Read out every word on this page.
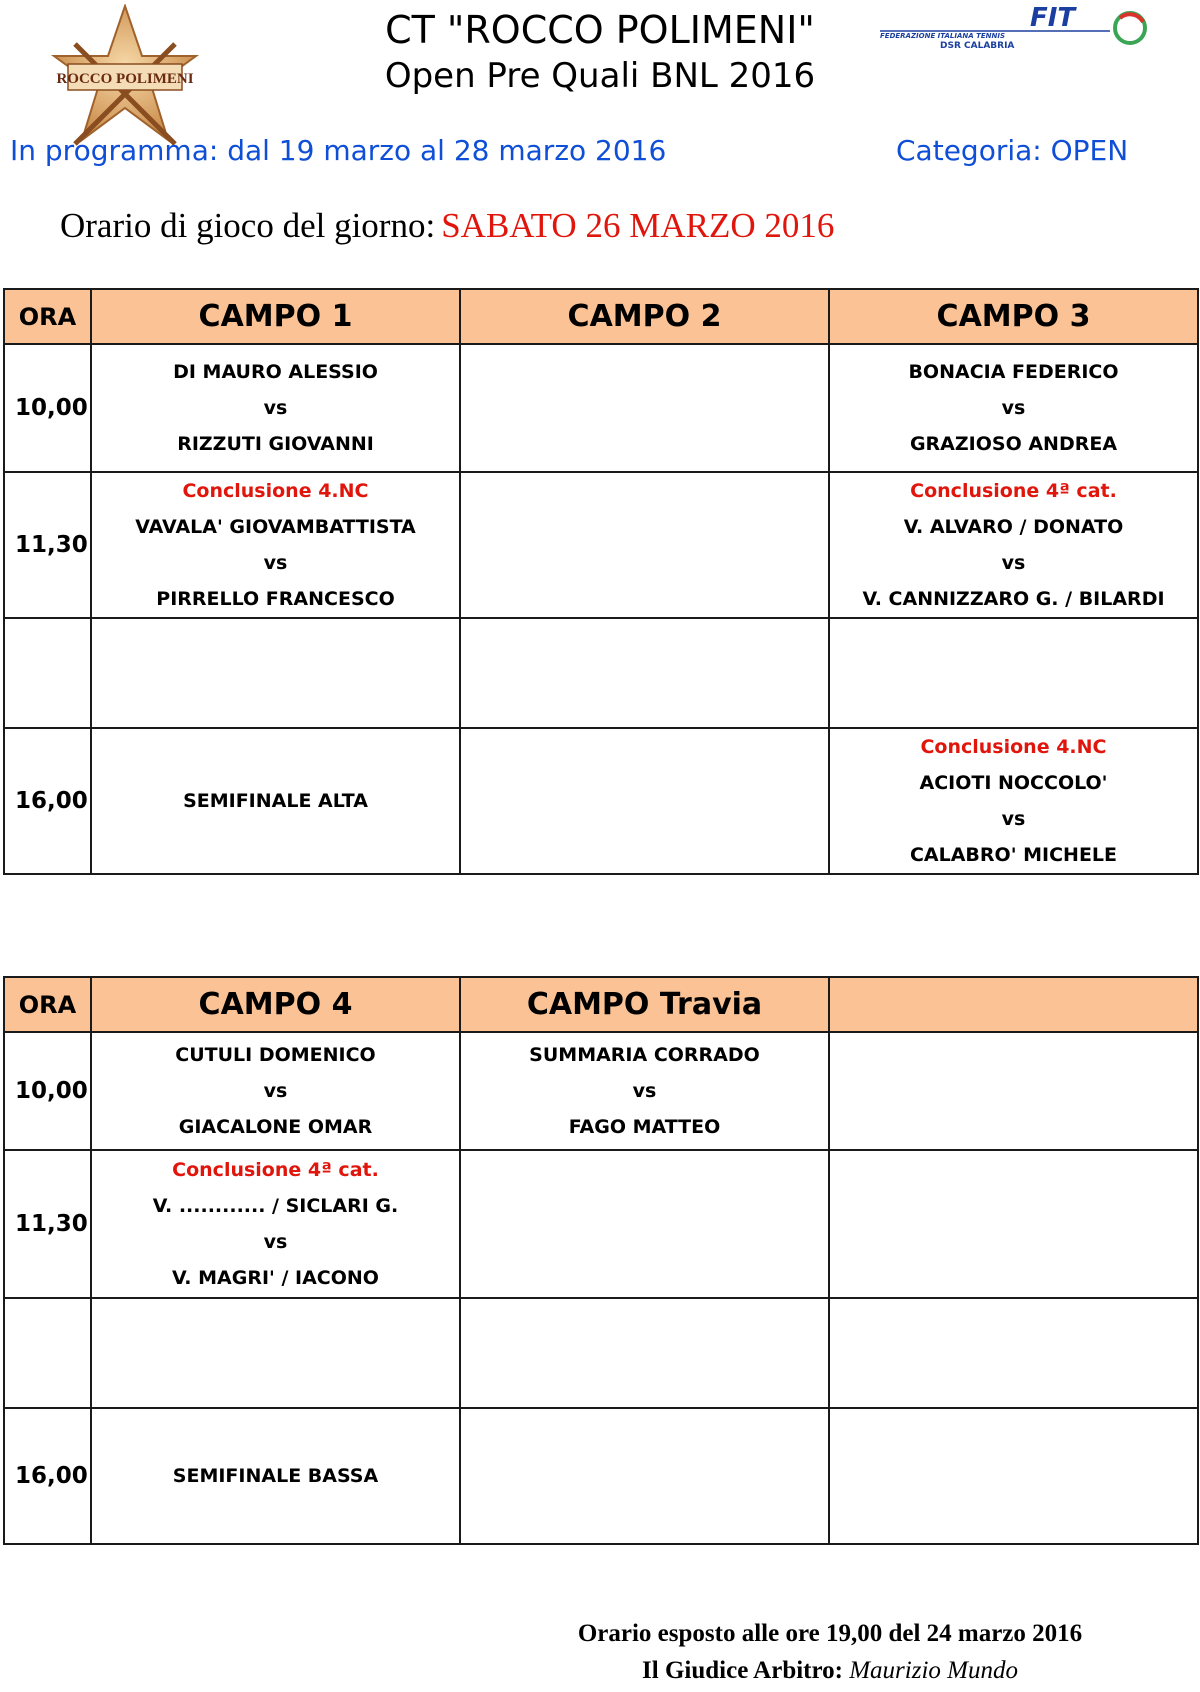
ROCCO POLIMENI
FIT
FEDERAZIONE ITALIANA TENNIS
DSR CALABRIA
CT "ROCCO POLIMENI"
Open Pre Quali BNL 2016
In programma: dal 19 marzo al 28 marzo 2016	Categoria: OPEN
Orario di gioco del giorno: SABATO 26 MARZO 2016
ORA	CAMPO 1	CAMPO 2	CAMPO 3
10,00	DI MAURO ALESSIO
vs
RIZZUTI GIOVANNI		BONACIA FEDERICO
vs
GRAZIOSO ANDREA

11,30	Conclusione 4.NC
VAVALA' GIOVAMBATTISTA
vs
PIRRELLO FRANCESCO		Conclusione 4ª cat.
V. ALVARO / DONATO
vs
V. CANNIZZARO G. / BILARDI

16,00	SEMIFINALE ALTA		Conclusione 4.NC
ACIOTI NOCCOLO'
vs
CALABRO' MICHELE
ORA	CAMPO 4	CAMPO Travia	
10,00	CUTULI DOMENICO
vs
GIACALONE OMAR	SUMMARIA CORRADO
vs
FAGO MATTEO	

11,30	Conclusione 4ª cat.
V. ............ / SICLARI G.
vs
V. MAGRI' / IACONO		

16,00	SEMIFINALE BASSA		

Orario esposto alle ore 19,00 del 24 marzo 2016
Il Giudice Arbitro: Maurizio Mundo
